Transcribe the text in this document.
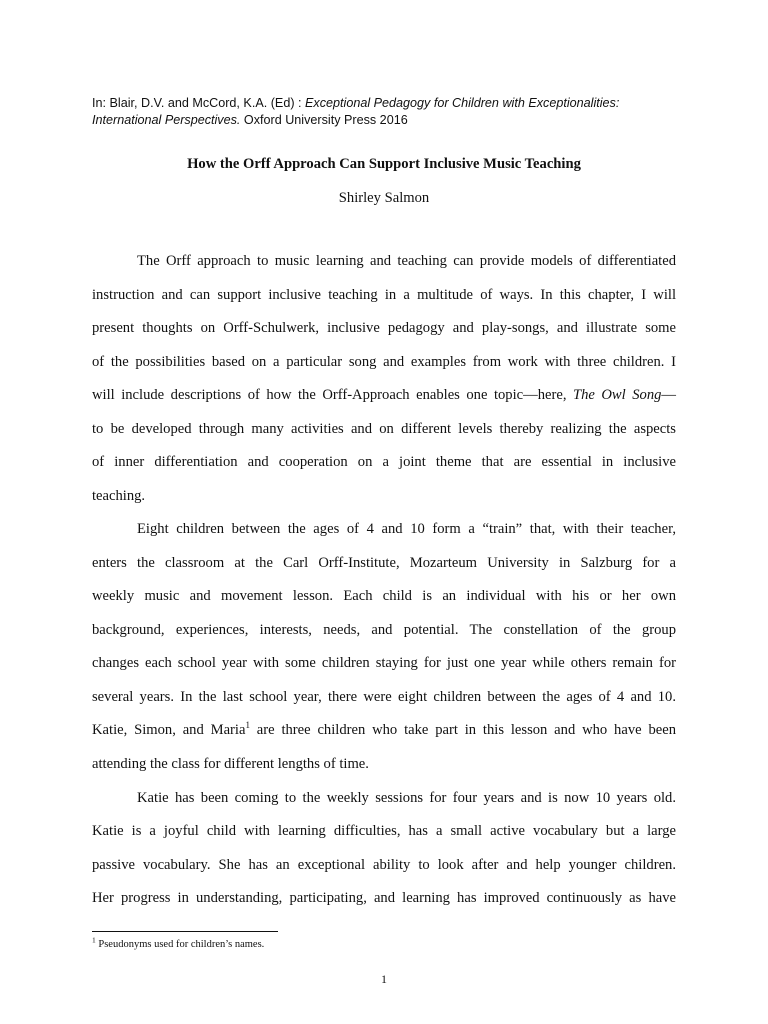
In: Blair, D.V. and McCord, K.A. (Ed) : Exceptional Pedagogy for Children with Exceptionalities: International Perspectives. Oxford University Press 2016
How the Orff Approach Can Support Inclusive Music Teaching
Shirley Salmon
The Orff approach to music learning and teaching can provide models of differentiated
instruction and can support inclusive teaching in a multitude of ways. In this chapter, I will
present thoughts on Orff-Schulwerk, inclusive pedagogy and play-songs, and illustrate some
of the possibilities based on a particular song and examples from work with three children. I
will include descriptions of how the Orff-Approach enables one topic—here, The Owl Song—
to be developed through many activities and on different levels thereby realizing the aspects
of inner differentiation and cooperation on a joint theme that are essential in inclusive
teaching.
Eight children between the ages of 4 and 10 form a “train” that, with their teacher,
enters the classroom at the Carl Orff-Institute, Mozarteum University in Salzburg for a
weekly music and movement lesson. Each child is an individual with his or her own
background, experiences, interests, needs, and potential. The constellation of the group
changes each school year with some children staying for just one year while others remain for
several years. In the last school year, there were eight children between the ages of 4 and 10.
Katie, Simon, and Maria$^1$ are three children who take part in this lesson and who have been
attending the class for different lengths of time.
Katie has been coming to the weekly sessions for four years and is now 10 years old.
Katie is a joyful child with learning difficulties, has a small active vocabulary but a large
passive vocabulary. She has an exceptional ability to look after and help younger children.
Her progress in understanding, participating, and learning has improved continuously as have
$^1$ Pseudonyms used for children’s names.
1
